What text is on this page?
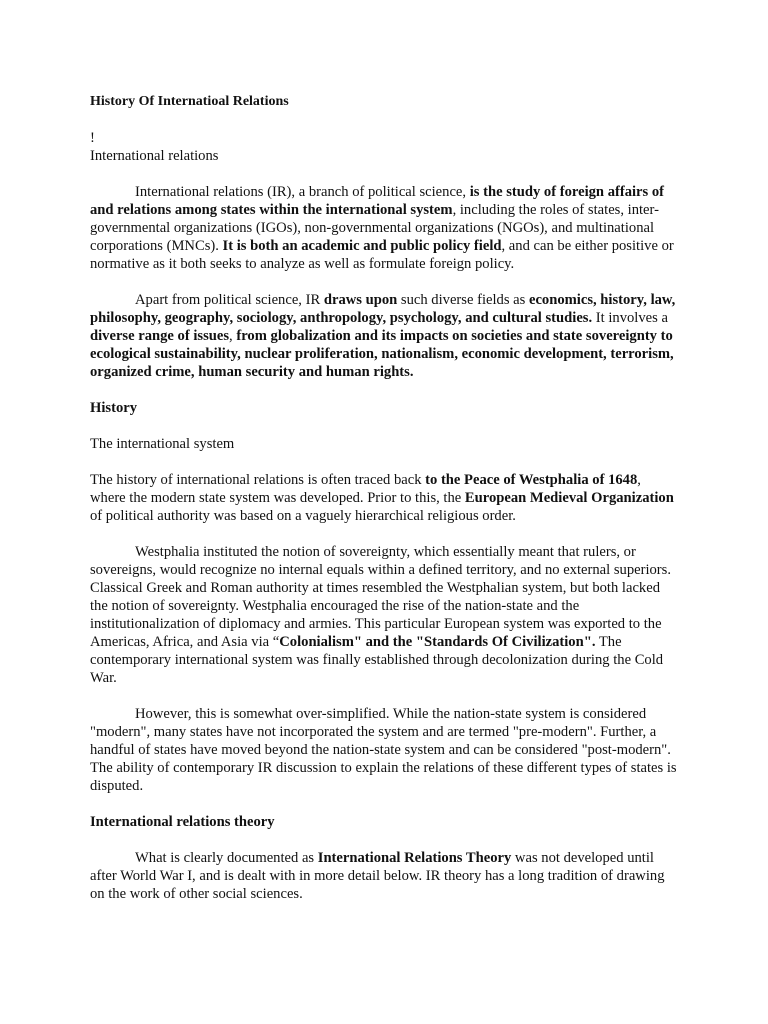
History Of Internatioal Relations
!
International relations

International relations (IR), a branch of political science, is the study of foreign affairs of and relations among states within the international system, including the roles of states, inter-governmental organizations (IGOs), non-governmental organizations (NGOs), and multinational corporations (MNCs). It is both an academic and public policy field, and can be either positive or normative as it both seeks to analyze as well as formulate foreign policy.

Apart from political science, IR draws upon such diverse fields as economics, history, law, philosophy, geography, sociology, anthropology, psychology, and cultural studies. It involves a diverse range of issues, from globalization and its impacts on societies and state sovereignty to ecological sustainability, nuclear proliferation, nationalism, economic development, terrorism, organized crime, human security and human rights.

History
The international system

The history of international relations is often traced back to the Peace of Westphalia of 1648, where the modern state system was developed. Prior to this, the European Medieval Organization of political authority was based on a vaguely hierarchical religious order.

Westphalia instituted the notion of sovereignty, which essentially meant that rulers, or sovereigns, would recognize no internal equals within a defined territory, and no external superiors. Classical Greek and Roman authority at times resembled the Westphalian system, but both lacked the notion of sovereignty. Westphalia encouraged the rise of the nation-state and the institutionalization of diplomacy and armies. This particular European system was exported to the Americas, Africa, and Asia via “Colonialism" and the "Standards Of Civilization". The contemporary international system was finally established through decolonization during the Cold War.

However, this is somewhat over-simplified. While the nation-state system is considered "modern", many states have not incorporated the system and are termed "pre-modern". Further, a handful of states have moved beyond the nation-state system and can be considered "post-modern". The ability of contemporary IR discussion to explain the relations of these different types of states is disputed.

International relations theory

What is clearly documented as International Relations Theory was not developed until after World War I, and is dealt with in more detail below. IR theory has a long tradition of drawing on the work of other social sciences.
